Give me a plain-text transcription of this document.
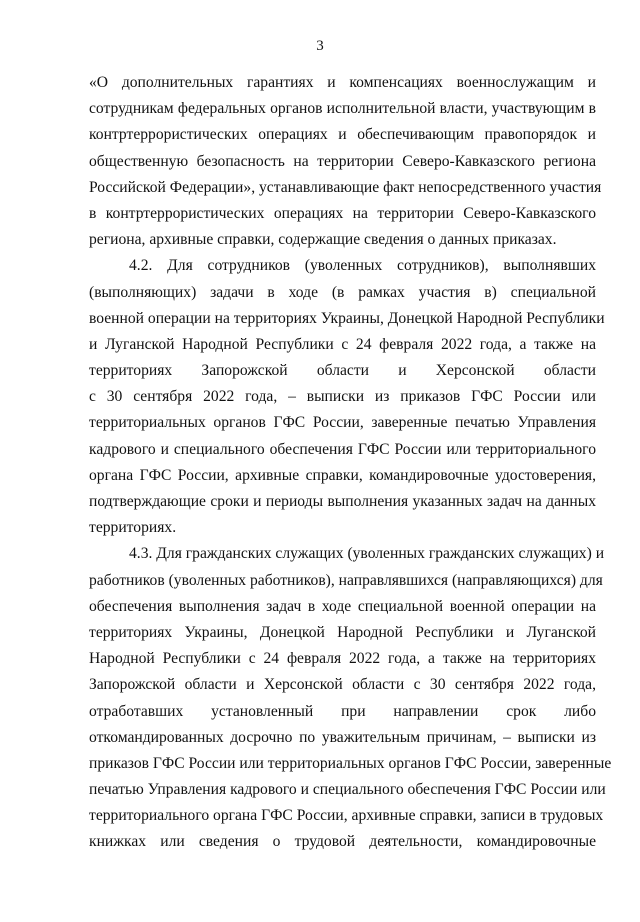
3
«О дополнительных гарантиях и компенсациях военнослужащим и
сотрудникам федеральных органов исполнительной власти, участвующим в
контртеррористических операциях и обеспечивающим правопорядок и
общественную безопасность на территории Северо-Кавказского региона
Российской Федерации», устанавливающие факт непосредственного участия
в контртеррористических операциях на территории Северо-Кавказского
региона, архивные справки, содержащие сведения о данных приказах.
4.2. Для сотрудников (уволенных сотрудников), выполнявших
(выполняющих) задачи в ходе (в рамках участия в) специальной
военной операции на территориях Украины, Донецкой Народной Республики
и Луганской Народной Республики с 24 февраля 2022 года, а также на
территориях Запорожской области и Херсонской области
с 30 сентября 2022 года, – выписки из приказов ГФС России или
территориальных органов ГФС России, заверенные печатью Управления
кадрового и специального обеспечения ГФС России или территориального
органа ГФС России, архивные справки, командировочные удостоверения,
подтверждающие сроки и периоды выполнения указанных задач на данных
территориях.
4.3. Для гражданских служащих (уволенных гражданских служащих) и
работников (уволенных работников), направлявшихся (направляющихся) для
обеспечения выполнения задач в ходе специальной военной операции на
территориях Украины, Донецкой Народной Республики и Луганской
Народной Республики с 24 февраля 2022 года, а также на территориях
Запорожской области и Херсонской области с 30 сентября 2022 года,
отработавших установленный при направлении срок либо
откомандированных досрочно по уважительным причинам, – выписки из
приказов ГФС России или территориальных органов ГФС России, заверенные
печатью Управления кадрового и специального обеспечения ГФС России или
территориального органа ГФС России, архивные справки, записи в трудовых
книжках или сведения о трудовой деятельности, командировочные
